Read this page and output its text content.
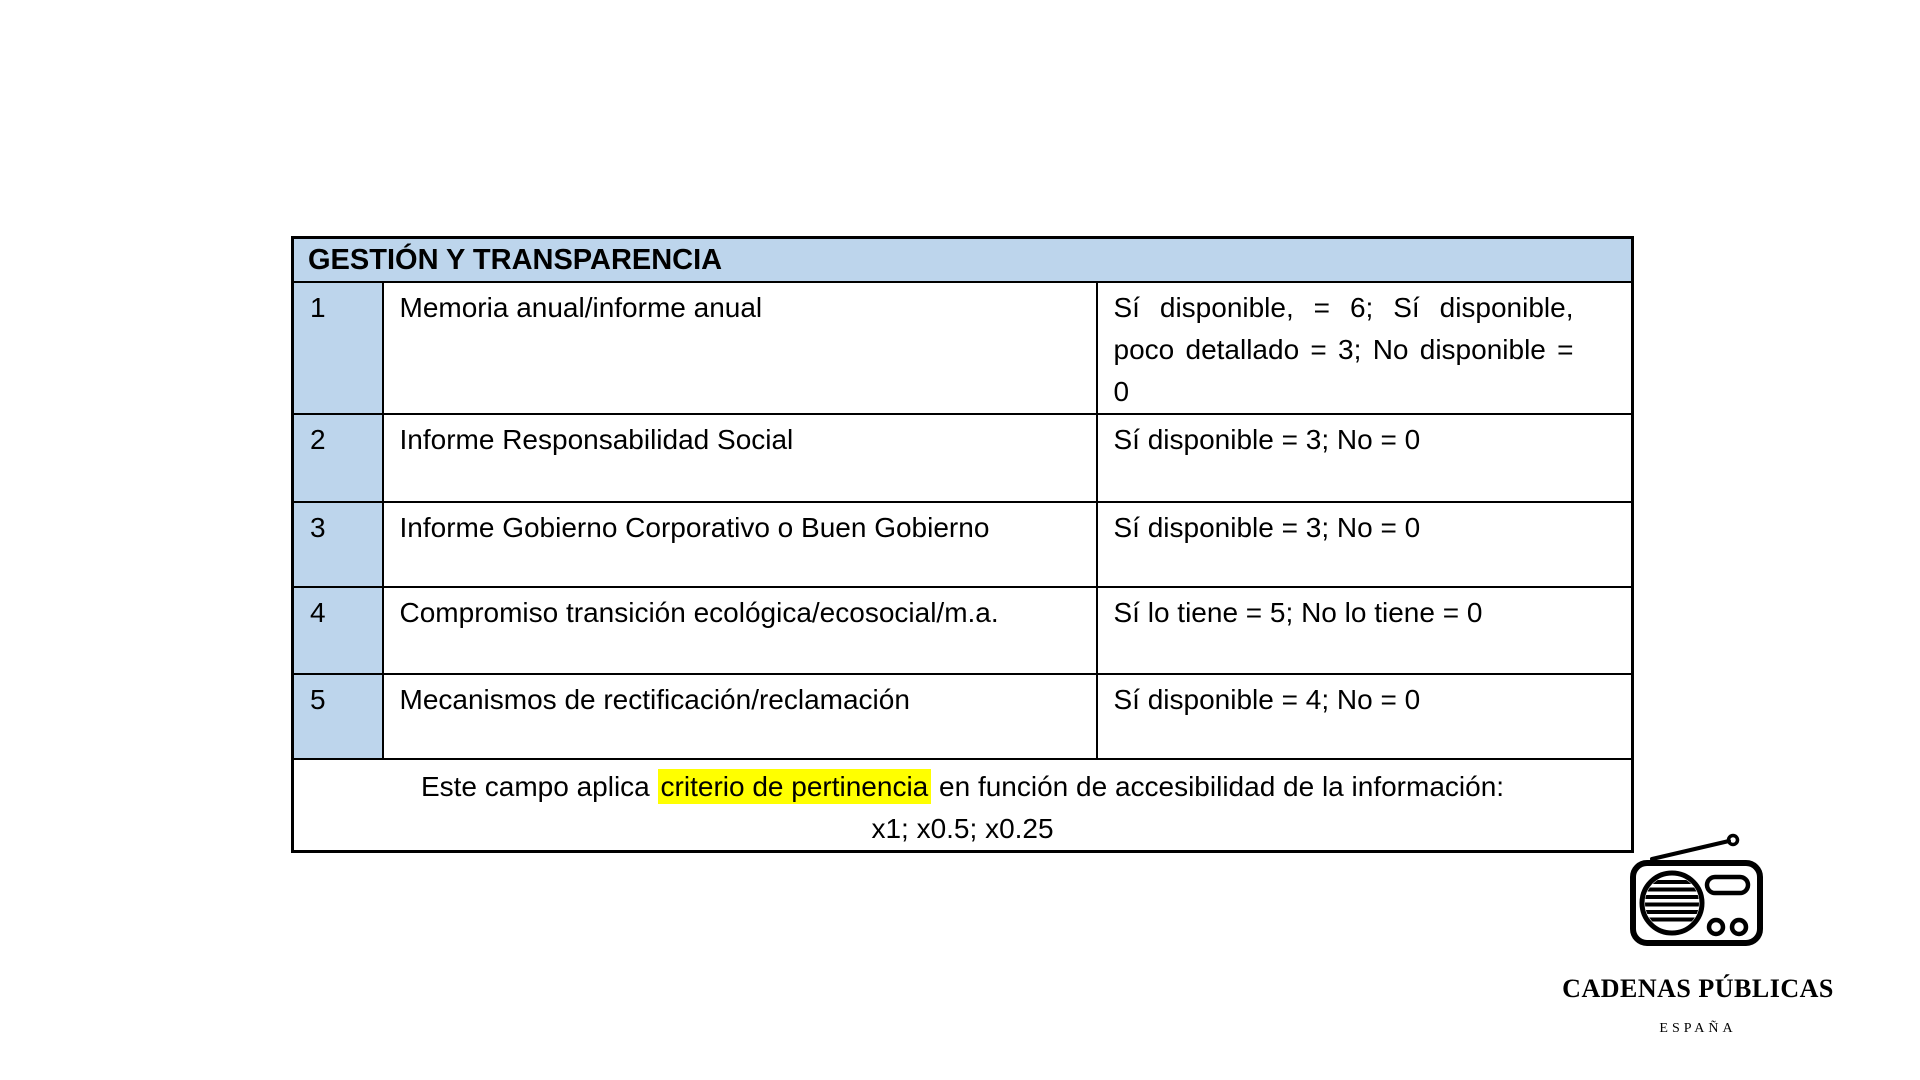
GESTIÓN Y TRANSPARENCIA		
1	Memoria anual/informe anual	Sí disponible, = 6; Sí disponible, poco detallado = 3; No disponible = 0

2	Informe Responsabilidad Social	Sí disponible = 3; No = 0
3	Informe Gobierno Corporativo o Buen Gobierno	Sí disponible = 3; No = 0
4	Compromiso transición ecológica/ecosocial/m.a.	Sí lo tiene = 5; No lo tiene = 0
5	Mecanismos de rectificación/reclamación	Sí disponible = 4; No = 0

Este campo aplica criterio de pertinencia en función de accesibilidad de la información:
x1; x0.5; x0.25		
CADENAS PÚBLICAS
ESPAÑA
